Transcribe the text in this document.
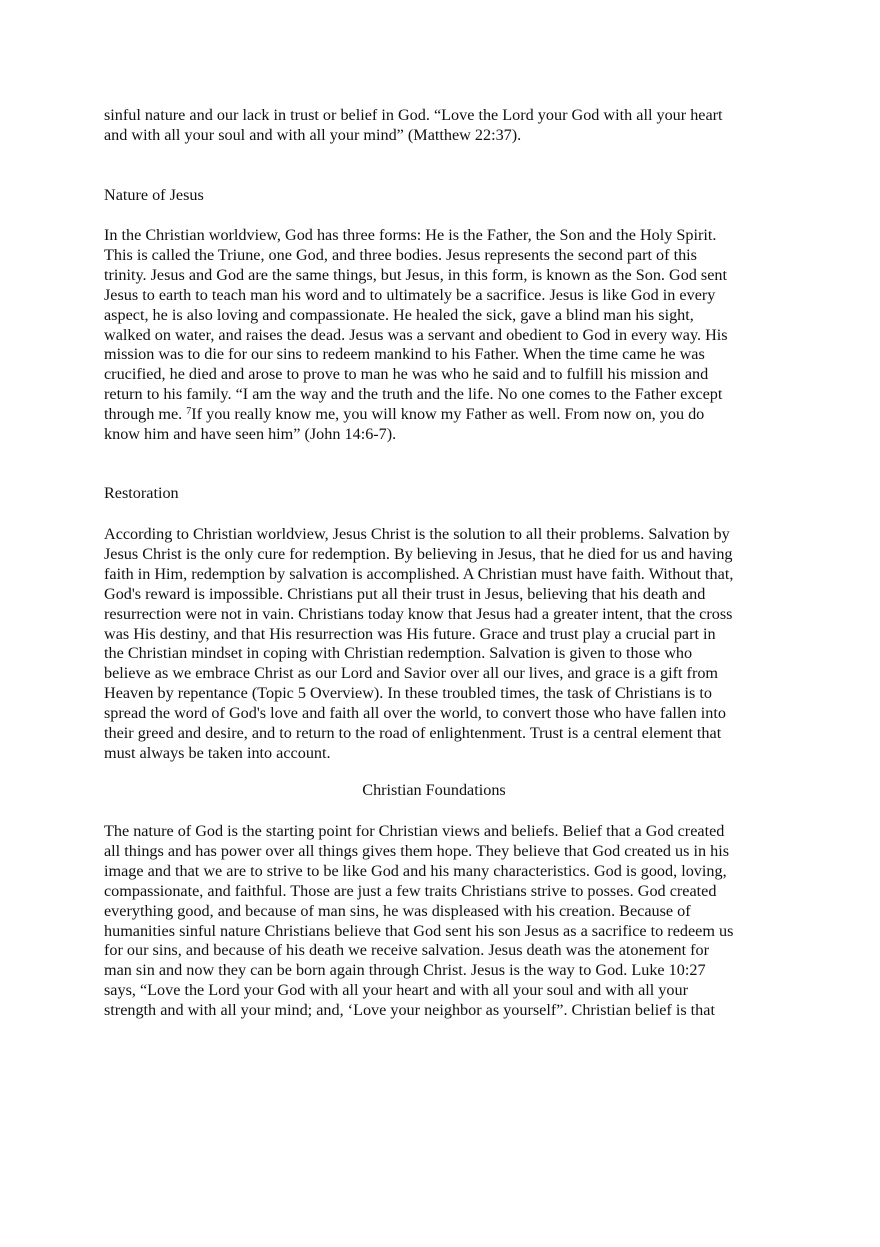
sinful nature and our lack in trust or belief in God. “Love the Lord your God with all your heart
and with all your soul and with all your mind” (Matthew 22:37).

Nature of Jesus

In the Christian worldview, God has three forms: He is the Father, the Son and the Holy Spirit.
This is called the Triune, one God, and three bodies. Jesus represents the second part of this
trinity. Jesus and God are the same things, but Jesus, in this form, is known as the Son. God sent
Jesus to earth to teach man his word and to ultimately be a sacrifice. Jesus is like God in every
aspect, he is also loving and compassionate. He healed the sick, gave a blind man his sight,
walked on water, and raises the dead. Jesus was a servant and obedient to God in every way. His
mission was to die for our sins to redeem mankind to his Father. When the time came he was
crucified, he died and arose to prove to man he was who he said and to fulfill his mission and
return to his family. “I am the way and the truth and the life. No one comes to the Father except
through me. $^7$If you really know me, you will know my Father as well. From now on, you do
know him and have seen him” (John 14:6-7).

Restoration

According to Christian worldview, Jesus Christ is the solution to all their problems. Salvation by
Jesus Christ is the only cure for redemption. By believing in Jesus, that he died for us and having
faith in Him, redemption by salvation is accomplished. A Christian must have faith. Without that,
God's reward is impossible. Christians put all their trust in Jesus, believing that his death and
resurrection were not in vain. Christians today know that Jesus had a greater intent, that the cross
was His destiny, and that His resurrection was His future. Grace and trust play a crucial part in
the Christian mindset in coping with Christian redemption. Salvation is given to those who
believe as we embrace Christ as our Lord and Savior over all our lives, and grace is a gift from
Heaven by repentance (Topic 5 Overview). In these troubled times, the task of Christians is to
spread the word of God's love and faith all over the world, to convert those who have fallen into
their greed and desire, and to return to the road of enlightenment. Trust is a central element that
must always be taken into account.

Christian Foundations

The nature of God is the starting point for Christian views and beliefs. Belief that a God created
all things and has power over all things gives them hope. They believe that God created us in his
image and that we are to strive to be like God and his many characteristics. God is good, loving,
compassionate, and faithful. Those are just a few traits Christians strive to posses. God created
everything good, and because of man sins, he was displeased with his creation. Because of
humanities sinful nature Christians believe that God sent his son Jesus as a sacrifice to redeem us
for our sins, and because of his death we receive salvation. Jesus death was the atonement for
man sin and now they can be born again through Christ. Jesus is the way to God. Luke 10:27
says, “Love the Lord your God with all your heart and with all your soul and with all your
strength and with all your mind; and, ‘Love your neighbor as yourself”. Christian belief is that
